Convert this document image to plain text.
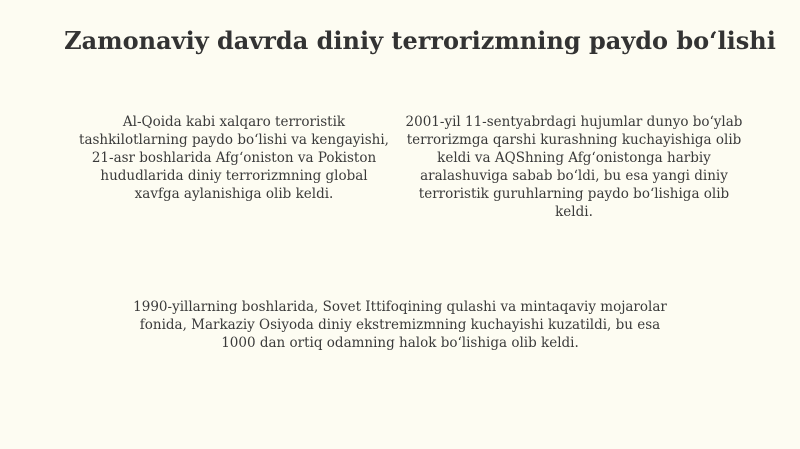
Zamonaviy davrda diniy terrorizmning paydo bo‘lishi

Al-Qoida kabi xalqaro terroristik tashkilotlarning paydo bo‘lishi va kengayishi, 21-asr boshlarida Afg‘oniston va Pokiston hududlarida diniy terrorizmning global xavfga aylanishiga olib keldi.

2001-yil 11-sentyabrdagi hujumlar dunyo bo‘ylab terrorizmga qarshi kurashning kuchayishiga olib keldi va AQShning Afg‘onistonga harbiy aralashuviga sabab bo‘ldi, bu esa yangi diniy terroristik guruhlarning paydo bo‘lishiga olib keldi.

1990-yillarning boshlarida, Sovet Ittifoqining qulashi va mintaqaviy mojarolar fonida, Markaziy Osiyoda diniy ekstremizmning kuchayishi kuzatildi, bu esa 1000 dan ortiq odamning halok bo‘lishiga olib keldi.
